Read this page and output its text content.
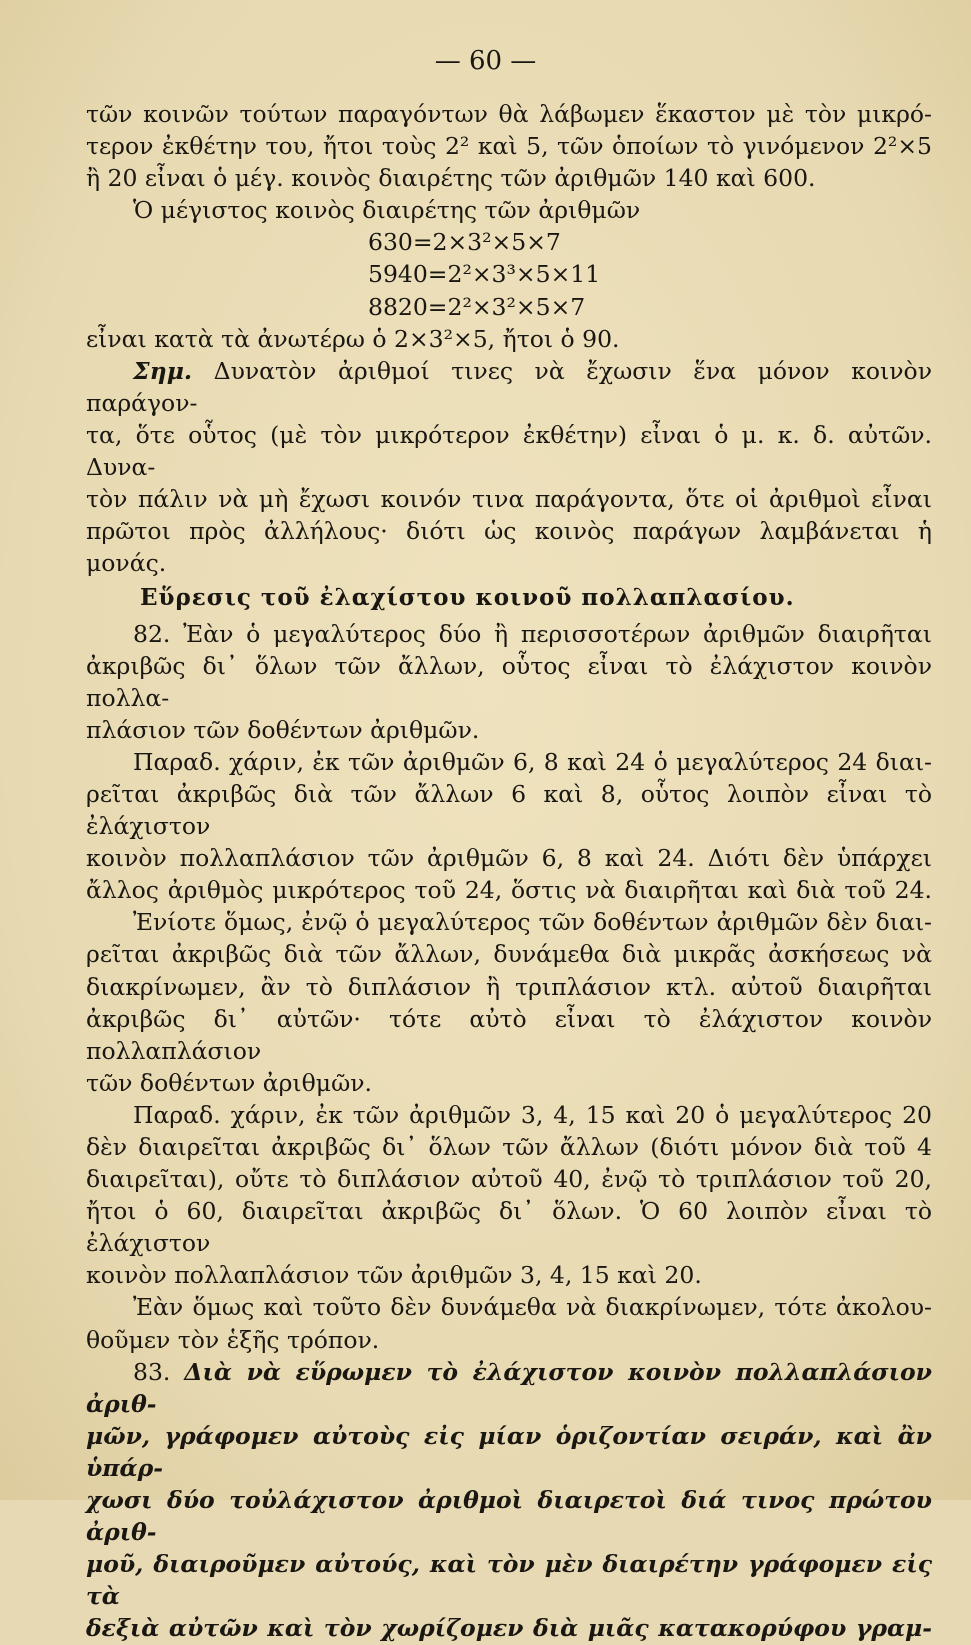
— 60 —

τῶν κοινῶν τούτων παραγόντων θὰ λάβωμεν ἕκαστον μὲ τὸν μικρό-

τερον ἐκθέτην του, ἤτοι τοὺς 2² καὶ 5, τῶν ὁποίων τὸ γινόμενον 2²×5

ἢ 20 εἶναι ὁ μέγ. κοινὸς διαιρέτης τῶν ἀριθμῶν 140 καὶ 600.

Ὁ μέγιστος κοινὸς διαιρέτης τῶν ἀριθμῶν

630=2×3²×5×7

5940=2²×3³×5×11

8820=2²×3²×5×7

εἶναι κατὰ τὰ ἀνωτέρω ὁ 2×3²×5, ἤτοι ὁ 90.

Σημ. Δυνατὸν ἀριθμοί τινες νὰ ἔχωσιν ἕνα μόνον κοινὸν παράγον-

τα, ὅτε οὗτος (μὲ τὸν μικρότερον ἐκθέτην) εἶναι ὁ μ. κ. δ. αὐτῶν. Δυνα-

τὸν πάλιν νὰ μὴ ἔχωσι κοινόν τινα παράγοντα, ὅτε οἱ ἀριθμοὶ εἶναι

πρῶτοι πρὸς ἀλλήλους· διότι ὡς κοινὸς παράγων λαμβάνεται ἡ μονάς.

Εὕρεσις τοῦ ἐλαχίστου κοινοῦ πολλαπλασίου.

82. Ἐὰν ὁ μεγαλύτερος δύο ἢ περισσοτέρων ἀριθμῶν διαιρῆται

ἀκριβῶς δι᾽ ὅλων τῶν ἄλλων, οὗτος εἶναι τὸ ἐλάχιστον κοινὸν πολλα-

πλάσιον τῶν δοθέντων ἀριθμῶν.

Παραδ. χάριν, ἐκ τῶν ἀριθμῶν 6, 8 καὶ 24 ὁ μεγαλύτερος 24 διαι-

ρεῖται ἀκριβῶς διὰ τῶν ἄλλων 6 καὶ 8, οὗτος λοιπὸν εἶναι τὸ ἐλάχιστον

κοινὸν πολλαπλάσιον τῶν ἀριθμῶν 6, 8 καὶ 24. Διότι δὲν ὑπάρχει

ἄλλος ἀριθμὸς μικρότερος τοῦ 24, ὅστις νὰ διαιρῆται καὶ διὰ τοῦ 24.

Ἐνίοτε ὅμως, ἐνῷ ὁ μεγαλύτερος τῶν δοθέντων ἀριθμῶν δὲν διαι-

ρεῖται ἀκριβῶς διὰ τῶν ἄλλων, δυνάμεθα διὰ μικρᾶς ἀσκήσεως νὰ

διακρίνωμεν, ἂν τὸ διπλάσιον ἢ τριπλάσιον κτλ. αὐτοῦ διαιρῆται

ἀκριβῶς δι᾽ αὐτῶν· τότε αὐτὸ εἶναι τὸ ἐλάχιστον κοινὸν πολλαπλάσιον

τῶν δοθέντων ἀριθμῶν.

Παραδ. χάριν, ἐκ τῶν ἀριθμῶν 3, 4, 15 καὶ 20 ὁ μεγαλύτερος 20

δὲν διαιρεῖται ἀκριβῶς δι᾽ ὅλων τῶν ἄλλων (διότι μόνον διὰ τοῦ 4

διαιρεῖται), οὔτε τὸ διπλάσιον αὐτοῦ 40, ἐνῷ τὸ τριπλάσιον τοῦ 20,

ἤτοι ὁ 60, διαιρεῖται ἀκριβῶς δι᾽ ὅλων. Ὁ 60 λοιπὸν εἶναι τὸ ἐλάχιστον

κοινὸν πολλαπλάσιον τῶν ἀριθμῶν 3, 4, 15 καὶ 20.

Ἐὰν ὅμως καὶ τοῦτο δὲν δυνάμεθα νὰ διακρίνωμεν, τότε ἀκολου-

θοῦμεν τὸν ἑξῆς τρόπον.

83. Διὰ νὰ εὕρωμεν τὸ ἐλάχιστον κοινὸν πολλαπλάσιον ἀριθ-

μῶν, γράφομεν αὐτοὺς εἰς μίαν ὁριζοντίαν σειράν, καὶ ἂν ὑπάρ-

χωσι δύο τοὐλάχιστον ἀριθμοὶ διαιρετοὶ διά τινος πρώτου ἀριθ-

μοῦ, διαιροῦμεν αὐτούς, καὶ τὸν μὲν διαιρέτην γράφομεν εἰς τὰ

δεξιὰ αὐτῶν καὶ τὸν χωρίζομεν διὰ μιᾶς κατακορύφου γραμ-
